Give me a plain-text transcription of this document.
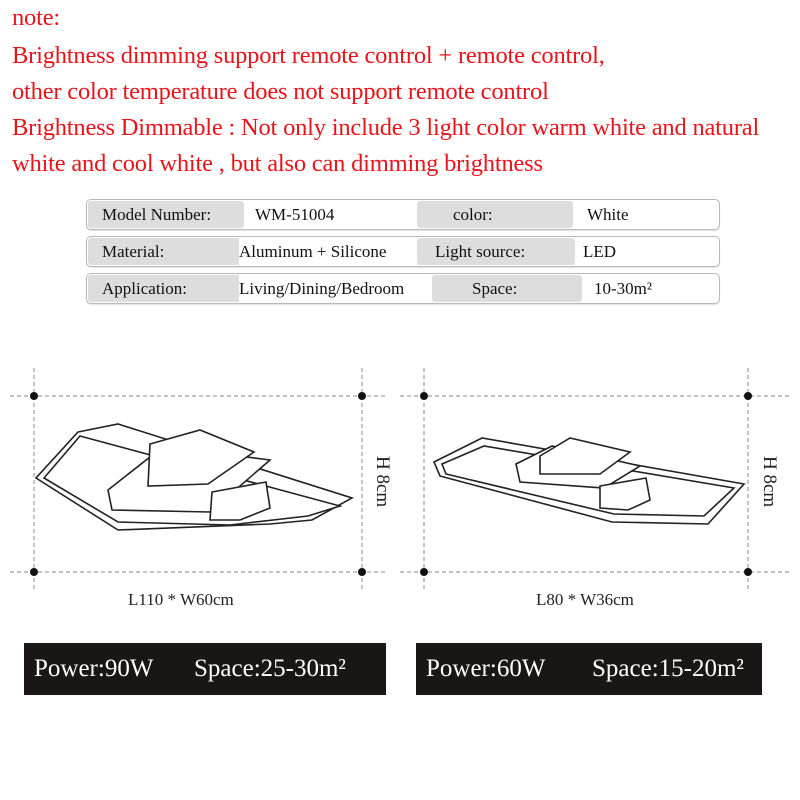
note:
Brightness dimming support remote control + remote control,
other color temperature does not support remote control
Brightness Dimmable : Not only include 3 light color warm white and natural
white and cool white , but also can dimming brightness
Model Number:	WM-51004	color:	White
Material:	Aluminum + Silicone	Light source:	LED
Application:	Living/Dining/Bedroom	Space:	10-30m²
H 8cm	H 8cm
L110 * W60cm	L80 * W36cm
Power:90W Space:25-30m²	Power:60W Space:15-20m²
